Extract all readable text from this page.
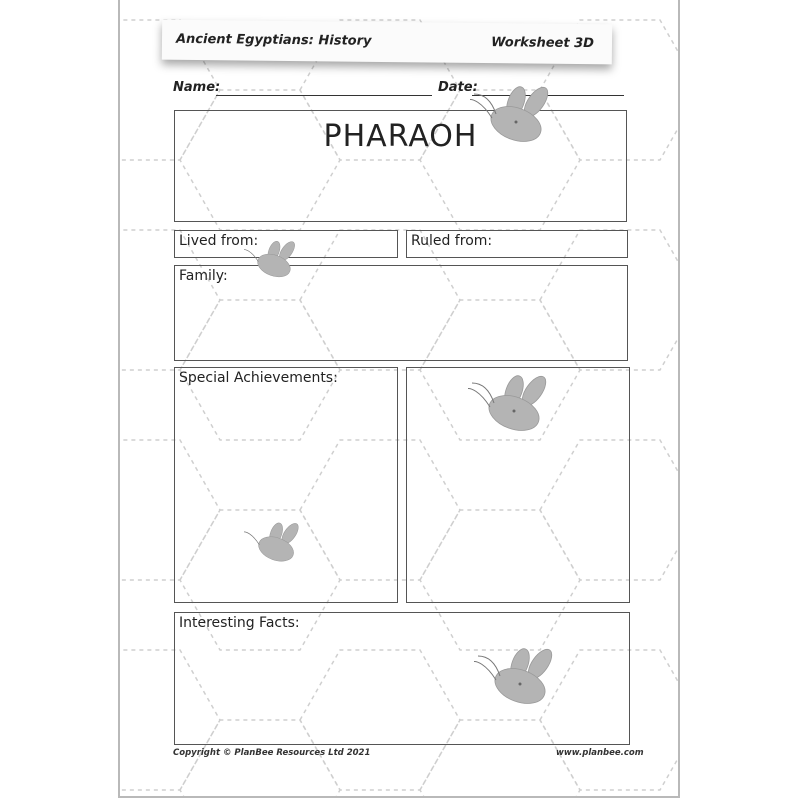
Ancient Egyptians: History	Worksheet 3D
Name:	Date:
PHARAOH
Lived from:	Ruled from:
Family:
Special Achievements:
Interesting Facts:
Copyright © PlanBee Resources Ltd 2021	www.planbee.com
